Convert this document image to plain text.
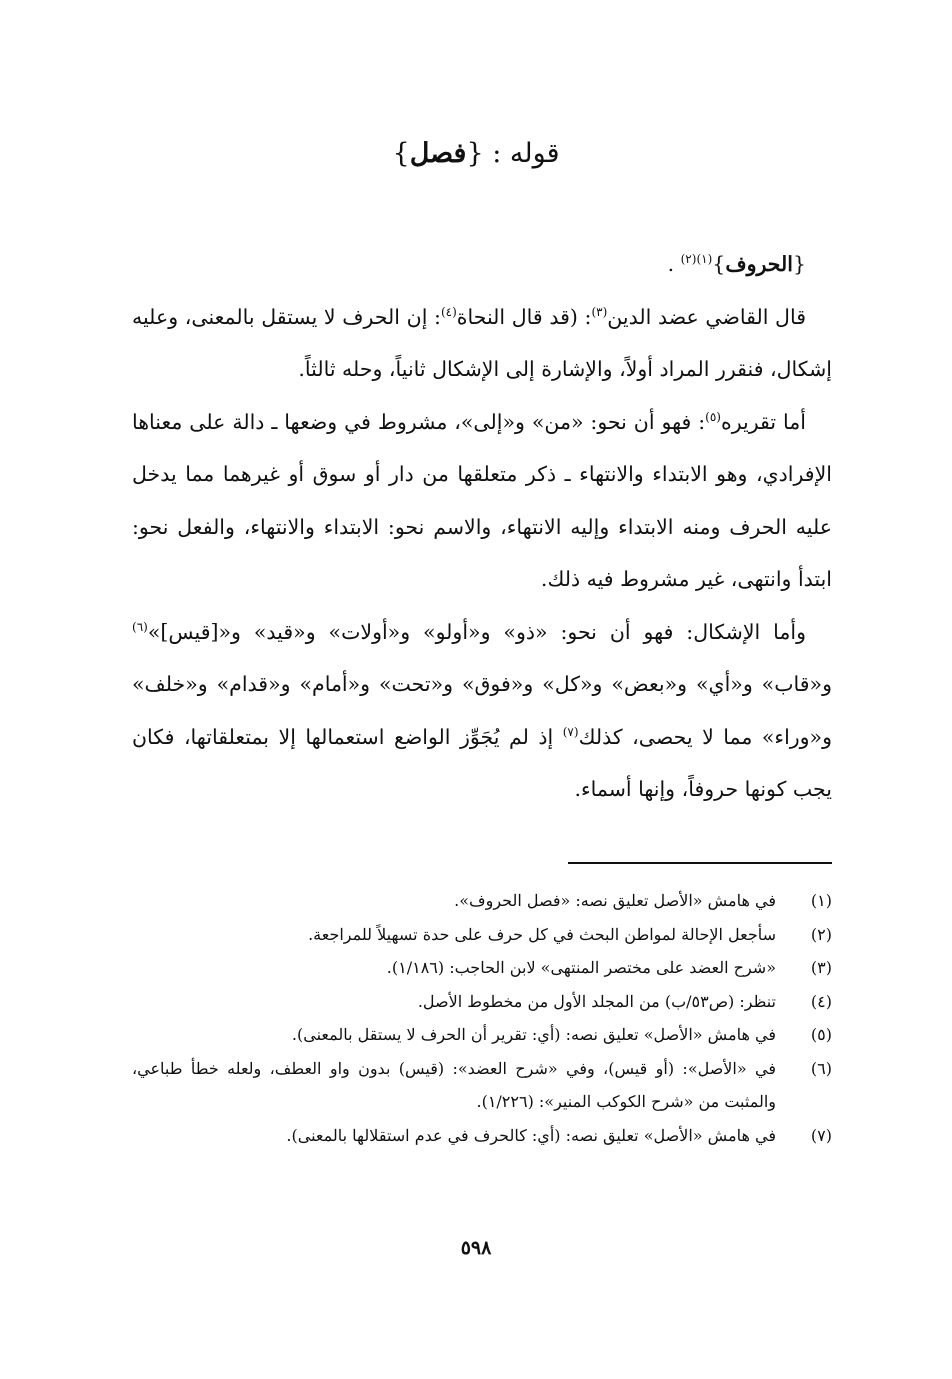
قوله : {فصل}

{الحروف}$^{(١)(٢)}$ .

قال القاضي عضد الدين$^{(٣)}$: (قد قال النحاة$^{(٤)}$: إن الحرف لا يستقل بالمعنى، وعليه إشكال، فنقرر المراد أولاً، والإشارة إلى الإشكال ثانياً، وحله ثالثاً.

أما تقريره$^{(٥)}$: فهو أن نحو: «من» و«إلى»، مشروط في وضعها ـ دالة على معناها الإفرادي، وهو الابتداء والانتهاء ـ ذكر متعلقها من دار أو سوق أو غيرهما مما يدخل عليه الحرف ومنه الابتداء وإليه الانتهاء، والاسم نحو: الابتداء والانتهاء، والفعل نحو: ابتدأ وانتهى، غير مشروط فيه ذلك.

وأما الإشكال: فهو أن نحو: «ذو» و«أولو» و«أولات» و«قيد» و«[قيس]»$^{(٦)}$ و«قاب» و«أي» و«بعض» و«كل» و«فوق» و«تحت» و«أمام» و«قدام» و«خلف» و«وراء» مما لا يحصى، كذلك$^{(٧)}$ إذ لم يُجَوِّز الواضع استعمالها إلا بمتعلقاتها، فكان يجب كونها حروفاً، وإنها أسماء.

(١)
في هامش «الأصل تعليق نصه: «فصل الحروف».
(٢)
سأجعل الإحالة لمواطن البحث في كل حرف على حدة تسهيلاً للمراجعة.
(٣)
«شرح العضد على مختصر المنتهى» لابن الحاجب: (١/١٨٦).
(٤)
تنظر: (ص٥٣/ب) من المجلد الأول من مخطوط الأصل.
(٥)
في هامش «الأصل» تعليق نصه: (أي: تقرير أن الحرف لا يستقل بالمعنى).
(٦)
في «الأصل»: (أو قيس)، وفي «شرح العضد»: (قيس) بدون واو العطف، ولعله خطأ طباعي، والمثبت من «شرح الكوكب المنير»: (١/٢٢٦).
(٧)
في هامش «الأصل» تعليق نصه: (أي: كالحرف في عدم استقلالها بالمعنى).
٥٩٨
